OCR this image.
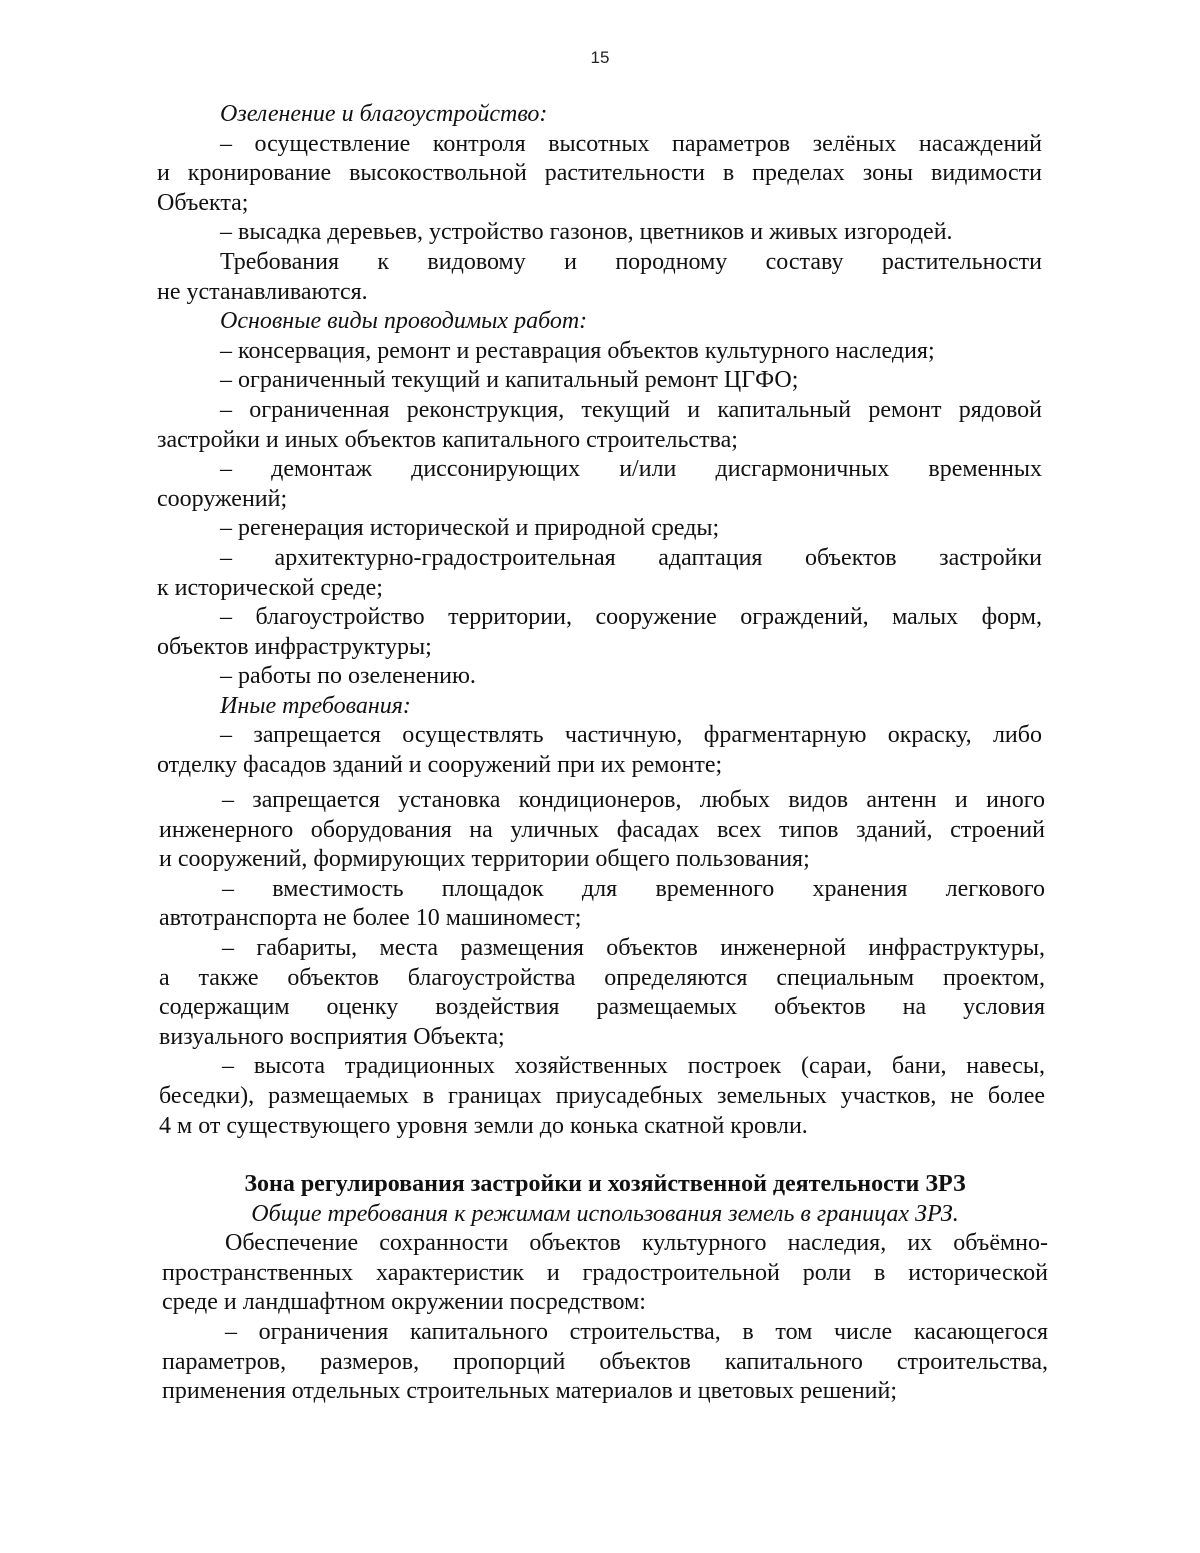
15
Озеленение и благоустройство:
– осуществление контроля высотных параметров зелёных насаждений
и кронирование высокоствольной растительности в пределах зоны видимости
Объекта;
– высадка деревьев, устройство газонов, цветников и живых изгородей.
Требования к видовому и породному составу растительности
не устанавливаются.
Основные виды проводимых работ:
– консервация, ремонт и реставрация объектов культурного наследия;
– ограниченный текущий и капитальный ремонт ЦГФО;
– ограниченная реконструкция, текущий и капитальный ремонт рядовой
застройки и иных объектов капитального строительства;
– демонтаж диссонирующих и/или дисгармоничных временных
сооружений;
– регенерация исторической и природной среды;
– архитектурно-градостроительная адаптация объектов застройки
к исторической среде;
– благоустройство территории, сооружение ограждений, малых форм,
объектов инфраструктуры;
– работы по озеленению.
Иные требования:
– запрещается осуществлять частичную, фрагментарную окраску, либо
отделку фасадов зданий и сооружений при их ремонте;
– запрещается установка кондиционеров, любых видов антенн и иного
инженерного оборудования на уличных фасадах всех типов зданий, строений
и сооружений, формирующих территории общего пользования;
– вместимость площадок для временного хранения легкового
автотранспорта не более 10 машиномест;
– габариты, места размещения объектов инженерной инфраструктуры,
а также объектов благоустройства определяются специальным проектом,
содержащим оценку воздействия размещаемых объектов на условия
визуального восприятия Объекта;
– высота традиционных хозяйственных построек (сараи, бани, навесы,
беседки), размещаемых в границах приусадебных земельных участков, не более
4 м от существующего уровня земли до конька скатной кровли.
Зона регулирования застройки и хозяйственной деятельности ЗРЗ
Общие требования к режимам использования земель в границах ЗРЗ.
Обеспечение сохранности объектов культурного наследия, их объёмно-
пространственных характеристик и градостроительной роли в исторической
среде и ландшафтном окружении посредством:
– ограничения капитального строительства, в том числе касающегося
параметров, размеров, пропорций объектов капитального строительства,
применения отдельных строительных материалов и цветовых решений;
